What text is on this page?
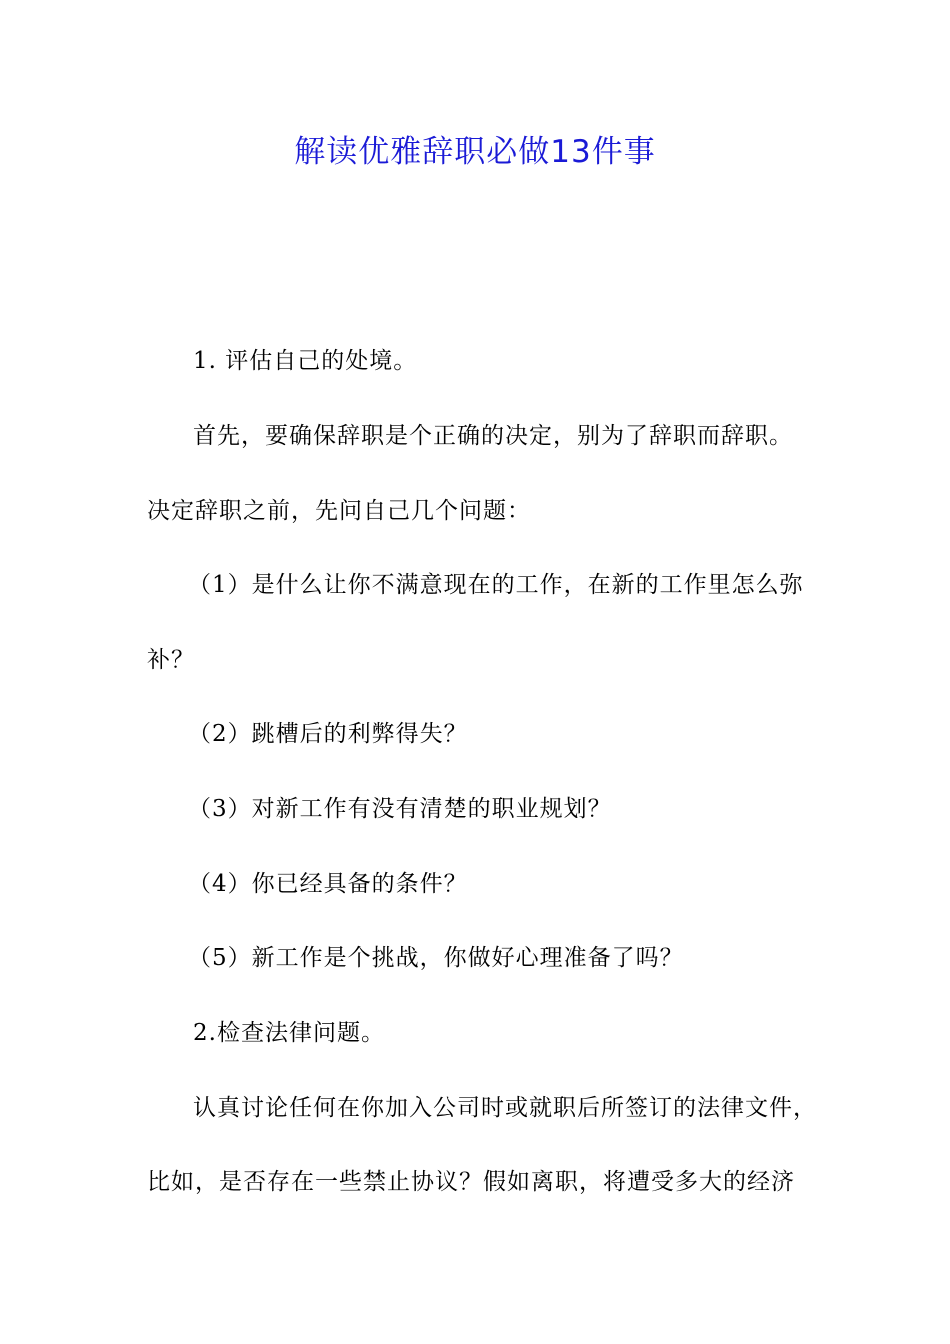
解读优雅辞职必做13件事
1. 评估自己的处境。
首先，要确保辞职是个正确的决定，别为了辞职而辞职。
决定辞职之前，先问自己几个问题：
（1）是什么让你不满意现在的工作，在新的工作里怎么弥
补？
（2）跳槽后的利弊得失？
（3）对新工作有没有清楚的职业规划？
（4）你已经具备的条件？
（5）新工作是个挑战，你做好心理准备了吗？
2.检查法律问题。
认真讨论任何在你加入公司时或就职后所签订的法律文件，
比如，是否存在一些禁止协议？假如离职，将遭受多大的经济
